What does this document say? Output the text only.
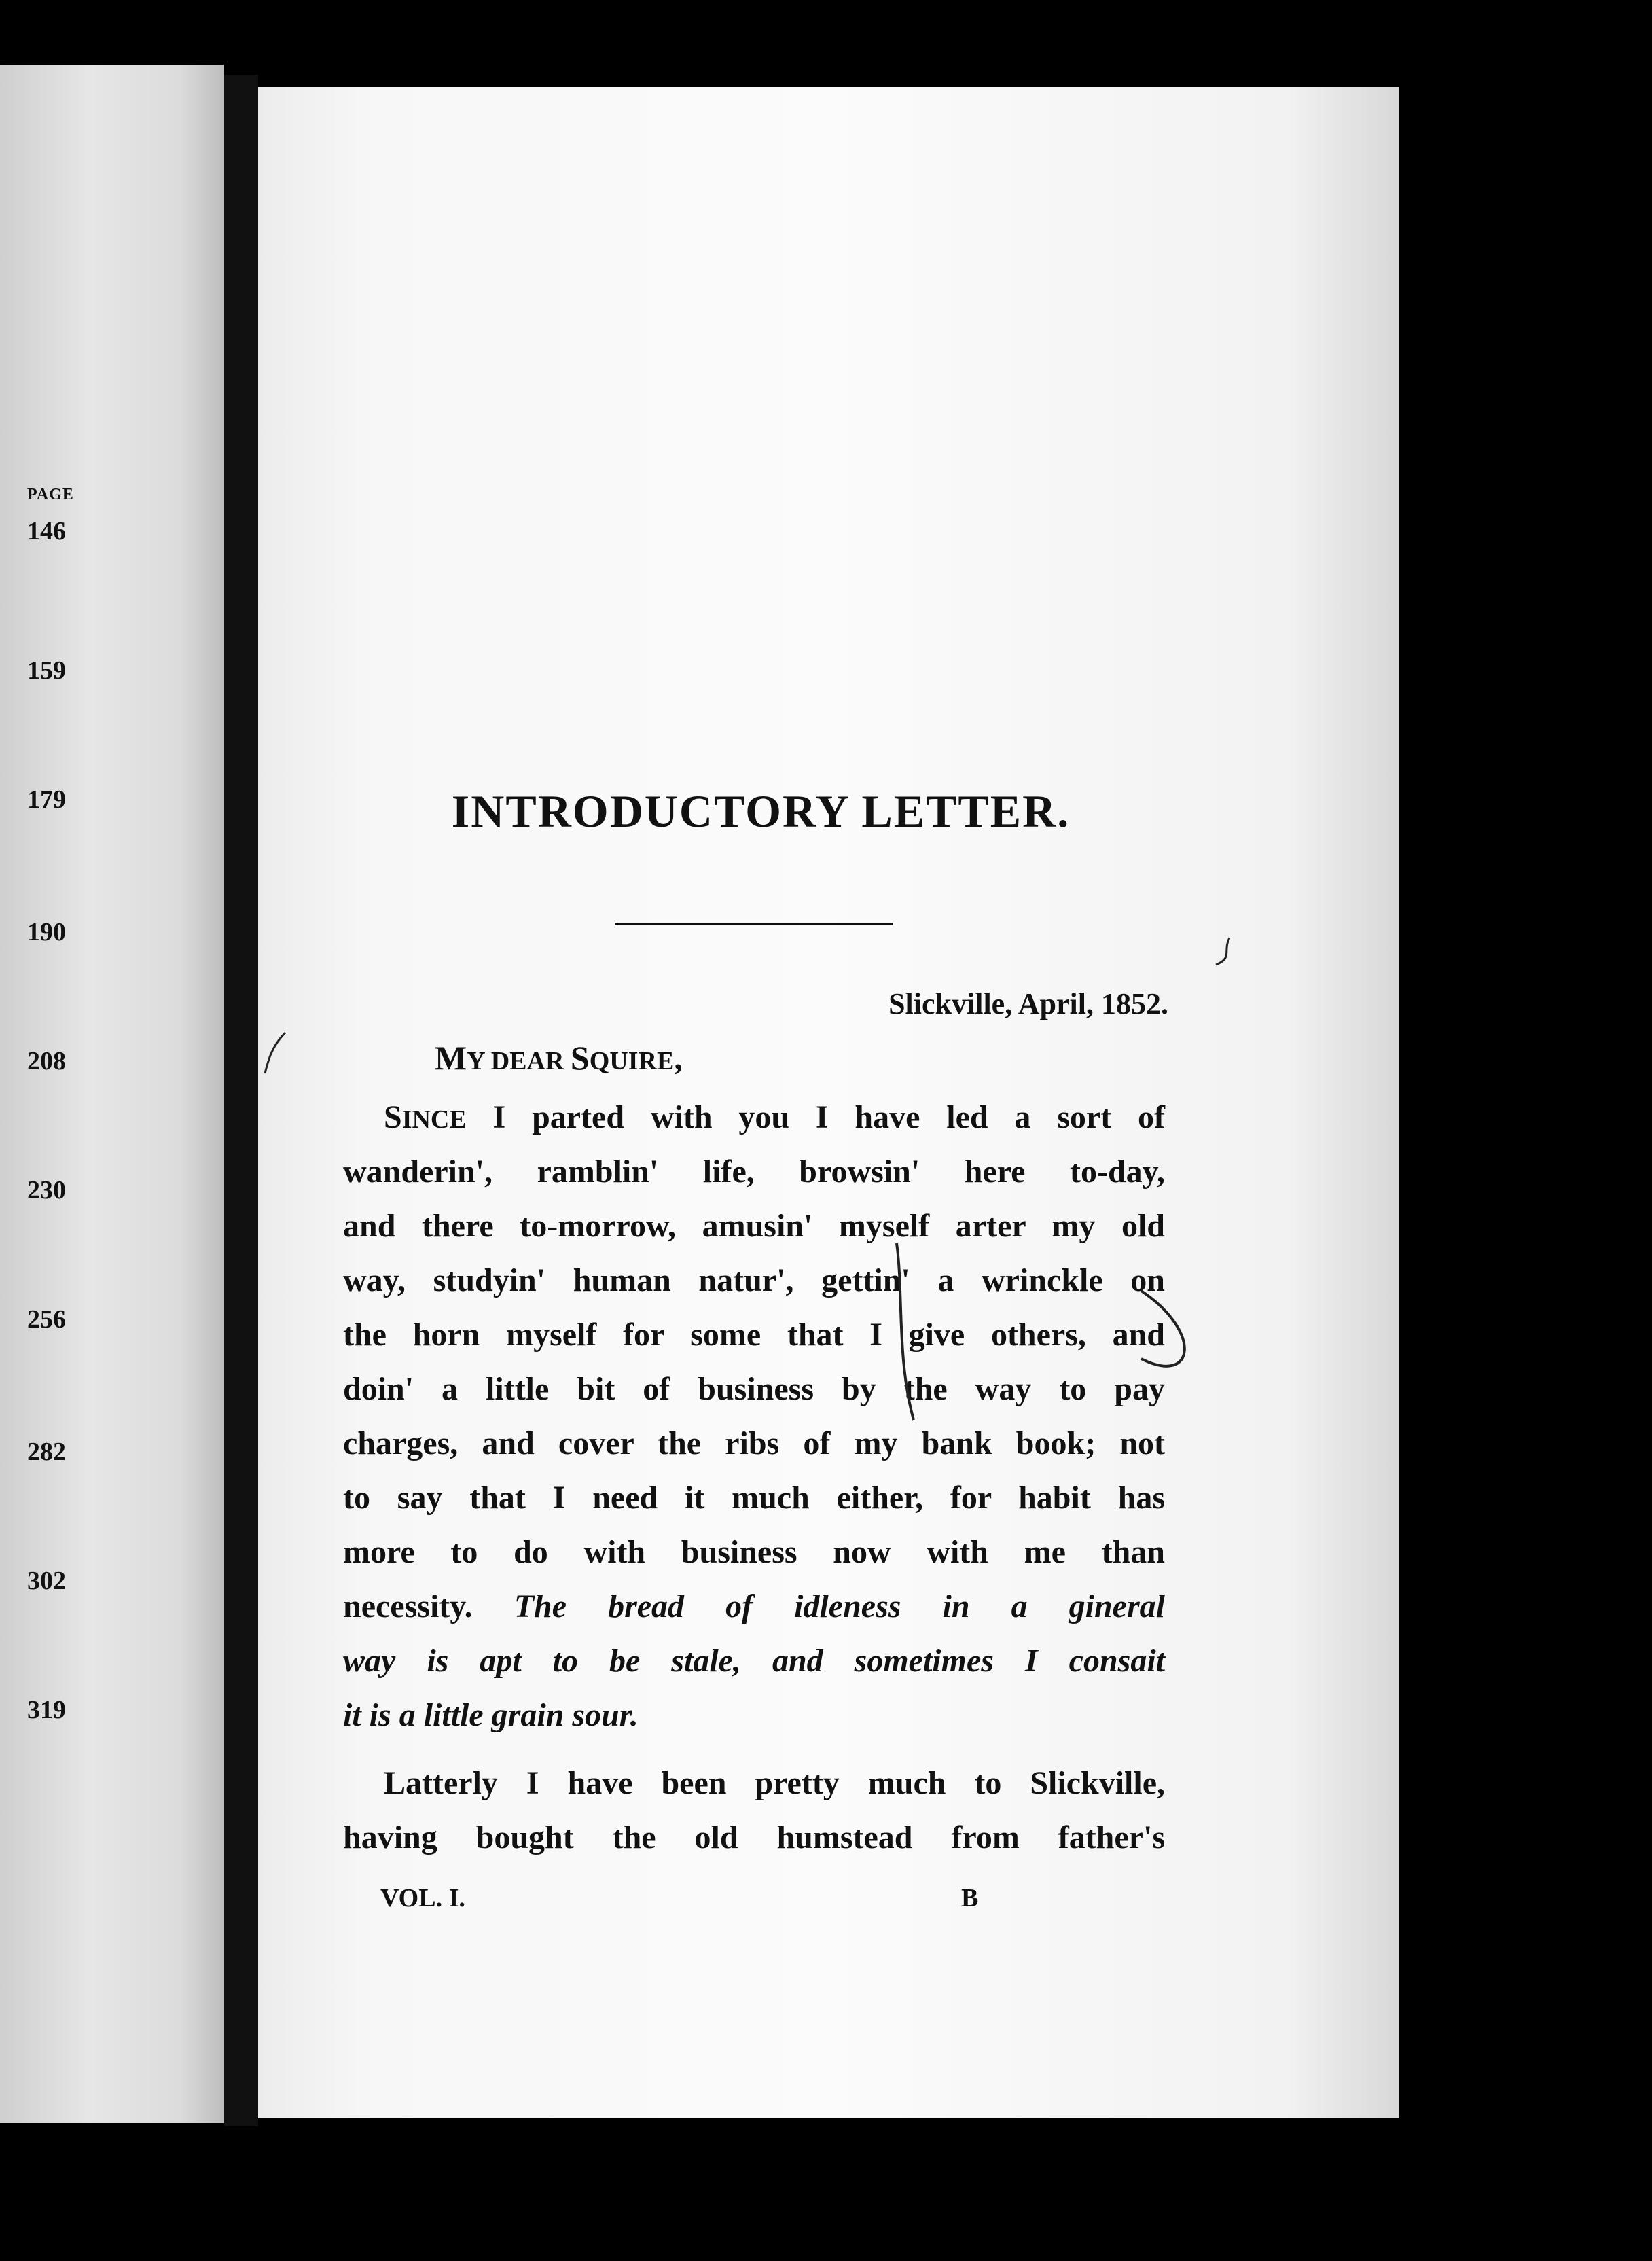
PAGE
146
159
179
190
208
230
256
282
302
319
INTRODUCTORY LETTER.
Slickville, April, 1852.
MY DEAR SQUIRE,
SINCE I parted with you I have led a sort of
wanderin', ramblin' life, browsin' here to-day,
and there to-morrow, amusin' myself arter my old
way, studyin' human natur', gettin' a wrinckle on
the horn myself for some that I give others, and
doin' a little bit of business by the way to pay
charges, and cover the ribs of my bank book; not
to say that I need it much either, for habit has
more to do with business now with me than
necessity. The bread of idleness in a gineral
way is apt to be stale, and sometimes I consait
it is a little grain sour.
Latterly I have been pretty much to Slickville,
having bought the old humstead from father's
VOL. I.	B
